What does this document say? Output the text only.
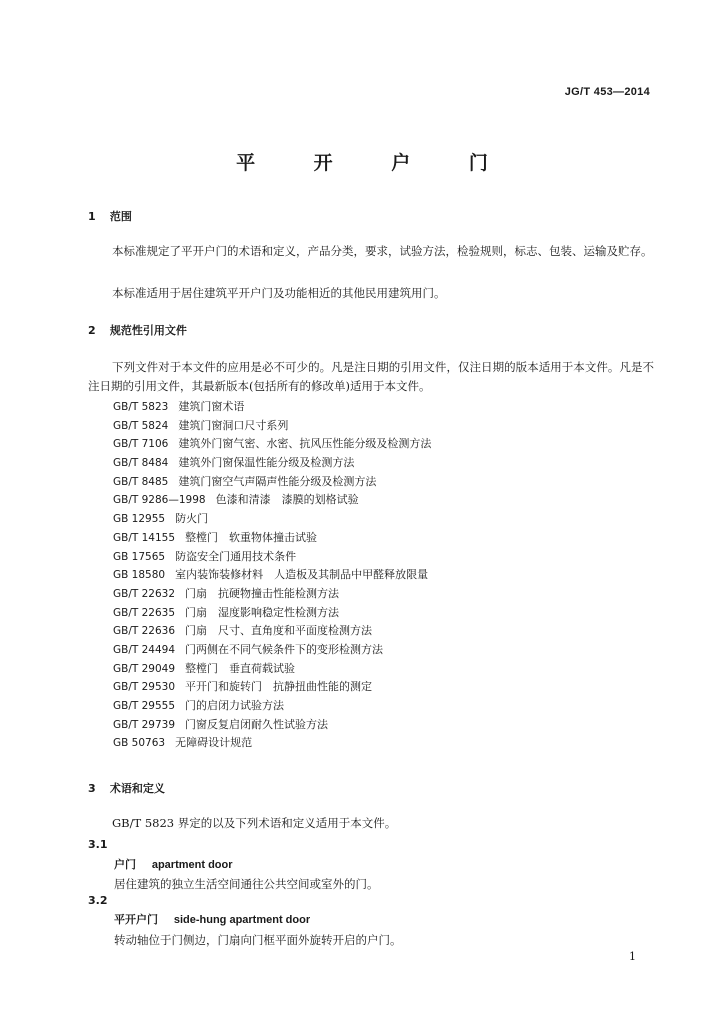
JG/T 453—2014
平 开 户 门
1 范围
本标准规定了平开户门的术语和定义，产品分类，要求，试验方法，检验规则，标志、包装、运输及贮存。
本标准适用于居住建筑平开户门及功能相近的其他民用建筑用门。
2 规范性引用文件
下列文件对于本文件的应用是必不可少的。凡是注日期的引用文件，仅注日期的版本适用于本文件。凡是不注日期的引用文件，其最新版本(包括所有的修改单)适用于本文件。
GB/T 5823 建筑门窗术语
GB/T 5824 建筑门窗洞口尺寸系列
GB/T 7106 建筑外门窗气密、水密、抗风压性能分级及检测方法
GB/T 8484 建筑外门窗保温性能分级及检测方法
GB/T 8485 建筑门窗空气声隔声性能分级及检测方法
GB/T 9286—1998 色漆和清漆　漆膜的划格试验
GB 12955 防火门
GB/T 14155 整樘门　软重物体撞击试验
GB 17565 防盗安全门通用技术条件
GB 18580 室内装饰装修材料　人造板及其制品中甲醛释放限量
GB/T 22632 门扇　抗硬物撞击性能检测方法
GB/T 22635 门扇　湿度影响稳定性检测方法
GB/T 22636 门扇　尺寸、直角度和平面度检测方法
GB/T 24494 门两侧在不同气候条件下的变形检测方法
GB/T 29049 整樘门　垂直荷载试验
GB/T 29530 平开门和旋转门　抗静扭曲性能的测定
GB/T 29555 门的启闭力试验方法
GB/T 29739 门窗反复启闭耐久性试验方法
GB 50763 无障碍设计规范
3 术语和定义
GB/T 5823 界定的以及下列术语和定义适用于本文件。
3.1
户门 apartment door
居住建筑的独立生活空间通往公共空间或室外的门。
3.2
平开户门 side-hung apartment door
转动轴位于门侧边，门扇向门框平面外旋转开启的户门。
1
